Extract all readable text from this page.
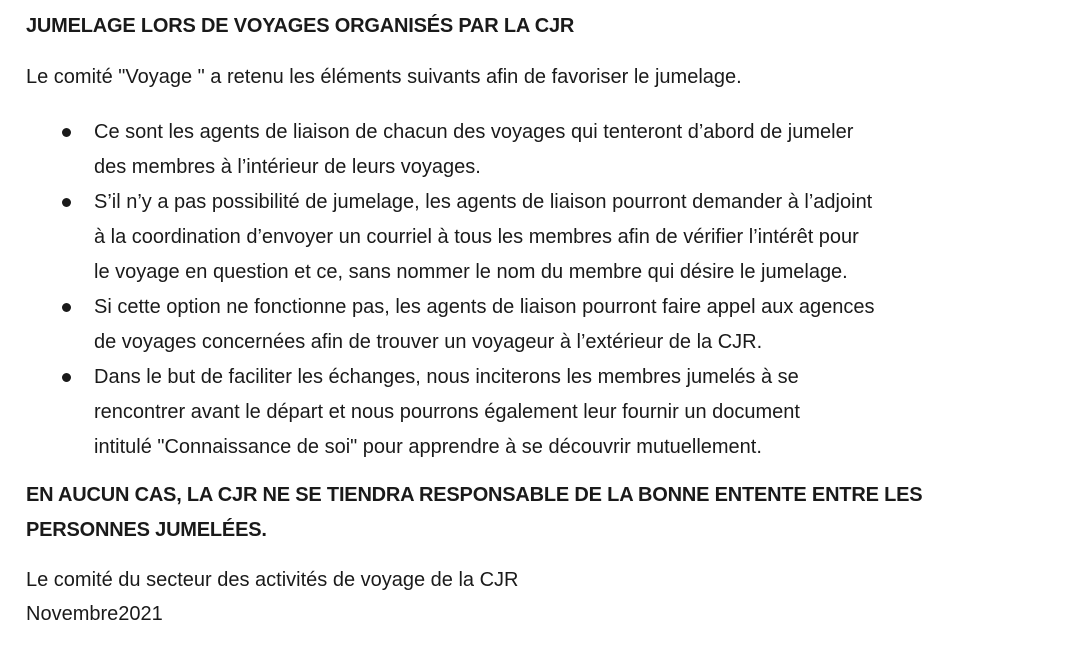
JUMELAGE LORS DE VOYAGES ORGANISÉS PAR LA CJR

Le comité "Voyage " a retenu les éléments suivants afin de favoriser le jumelage.

Ce sont les agents de liaison de chacun des voyages qui tenteront d’abord de jumeler
des membres à l’intérieur de leurs voyages.
S’il n’y a pas possibilité de jumelage, les agents de liaison pourront demander à l’adjoint
à la coordination d’envoyer un courriel à tous les membres afin de vérifier l’intérêt pour
le voyage en question et ce, sans nommer le nom du membre qui désire le jumelage.
Si cette option ne fonctionne pas, les agents de liaison pourront faire appel aux agences
de voyages concernées afin de trouver un voyageur à l’extérieur de la CJR.
Dans le but de faciliter les échanges, nous inciterons les membres jumelés à se
rencontrer avant le départ et nous pourrons également leur fournir un document
intitulé "Connaissance de soi" pour apprendre à se découvrir mutuellement.

EN AUCUN CAS, LA CJR NE SE TIENDRA RESPONSABLE DE LA BONNE ENTENTE ENTRE LES
PERSONNES JUMELÉES.

Le comité du secteur des activités de voyage de la CJR
Novembre2021
